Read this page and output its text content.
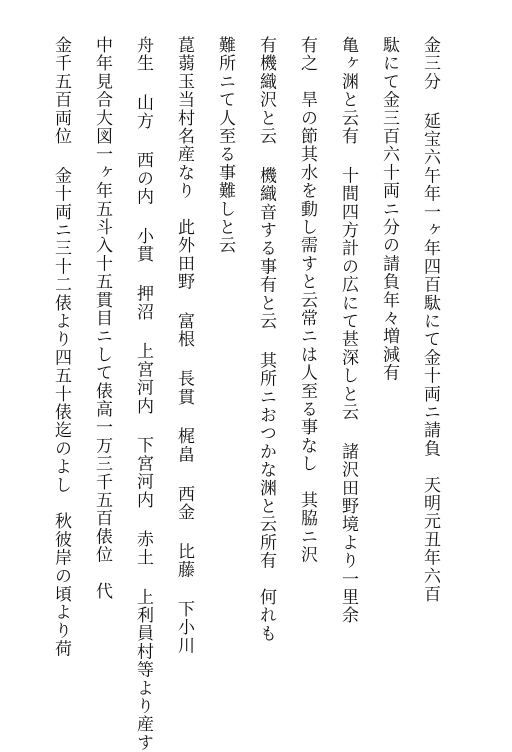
金三分 延宝六午年一ヶ年四百駄にて金十両ニ請負　天明元丑年六百
駄にて金三百六十両ニ分の請負年々増減有
亀ヶ渊と云有 十間四方計の広にて甚深しと云 諸沢田野境より一里余
有之　旱の節其水を動し需すと云常ニは人至る事なし　其脇ニ沢
有機織沢と云 機織音する事有と云 其所ニおつかな渊と云所有　何れも
難所ニて人至る事難しと云
菎蒻玉当村名産なり　此外田野 富根 長貫 梶畠 西金 比藤 下小川
舟生 山方 西の内 小貫 押沼 上宮河内 下宮河内 赤土 上利員村等より産す
中年見合大図一ヶ年五斗入十五貫目ニして俵高一万三千五百俵位　代
金千五百両位 金十両ニ三十二俵より四五十俵迄のよし　秋彼岸の頃より荷
